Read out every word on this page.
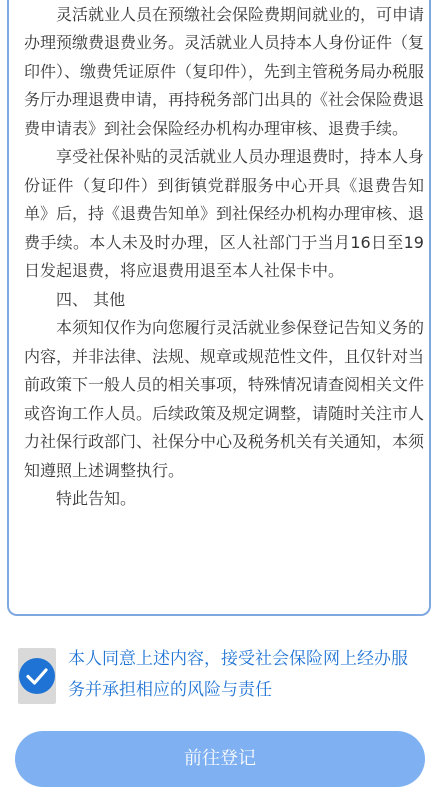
灵活就业人员在预缴社会保险费期间就业的，可申请办理预缴费退费业务。灵活就业人员持本人身份证件（复印件）、缴费凭证原件（复印件），先到主管税务局办税服务厅办理退费申请，再持税务部门出具的《社会保险费退费申请表》到社会保险经办机构办理审核、退费手续。

享受社保补贴的灵活就业人员办理退费时，持本人身份证件（复印件）到街镇党群服务中心开具《退费告知单》后，持《退费告知单》到社保经办机构办理审核、退费手续。本人未及时办理，区人社部门于当月16日至19日发起退费，将应退费用退至本人社保卡中。

四、 其他

本须知仅作为向您履行灵活就业参保登记告知义务的内容，并非法律、法规、规章或规范性文件，且仅针对当前政策下一般人员的相关事项，特殊情况请查阅相关文件或咨询工作人员。后续政策及规定调整，请随时关注市人力社保行政部门、社保分中心及税务机关有关通知，本须知遵照上述调整执行。

特此告知。

本人同意上述内容，接受社会保险网上经办服务并承担相应的风险与责任
前往登记
